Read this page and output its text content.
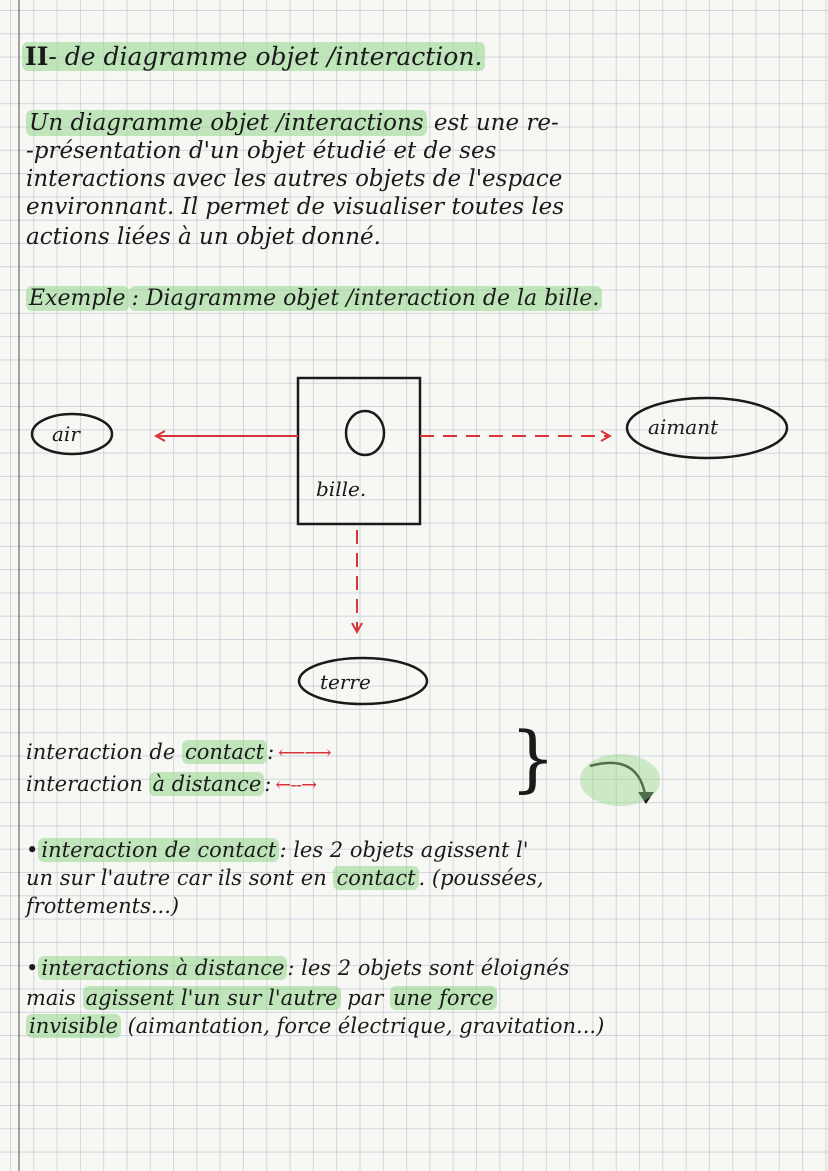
II- de diagramme objet /interaction.
Un diagramme objet /interactions est une re-
-présentation d'un objet étudié et de ses
interactions avec les autres objets de l'espace
environnant. Il permet de visualiser toutes les
actions liées à un objet donné.
Exemple : Diagramme objet /interaction de la bille.
bille.
air	aimant
terre
interaction de contact : ⟵⟶
interaction à distance : ←--→	}
• interaction de contact : les 2 objets agissent l'
un sur l'autre car ils sont en contact . (poussées,
frottements...)
• interactions à distance : les 2 objets sont éloignés
mais agissent l'un sur l'autre par une force
invisible (aimantation, force électrique, gravitation...)
